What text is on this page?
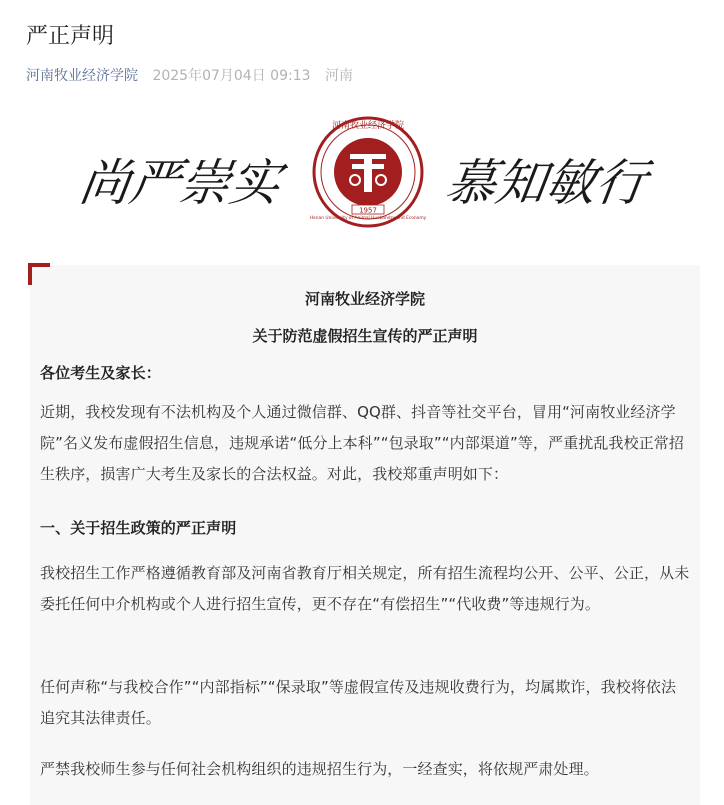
严正声明
河南牧业经济学院 2025年07月04日 09:13 河南
尚严崇实
河南牧业经济学院
Henan University of Animal Husbandry and Economy
1957 慕知敏行
河南牧业经济学院
关于防范虚假招生宣传的严正声明

各位考生及家长：

近期，我校发现有不法机构及个人通过微信群、QQ群、抖音等社交平台，冒用“河南牧业经济学院”名义发布虚假招生信息，违规承诺“低分上本科”“包录取”“内部渠道”等，严重扰乱我校正常招生秩序，损害广大考生及家长的合法权益。对此，我校郑重声明如下：

一、关于招生政策的严正声明

我校招生工作严格遵循教育部及河南省教育厅相关规定，所有招生流程均公开、公平、公正，从未委托任何中介机构或个人进行招生宣传，更不存在“有偿招生”“代收费”等违规行为。

任何声称“与我校合作”“内部指标”“保录取”等虚假宣传及违规收费行为，均属欺诈，我校将依法追究其法律责任。

严禁我校师生参与任何社会机构组织的违规招生行为，一经查实，将依规严肃处理。
